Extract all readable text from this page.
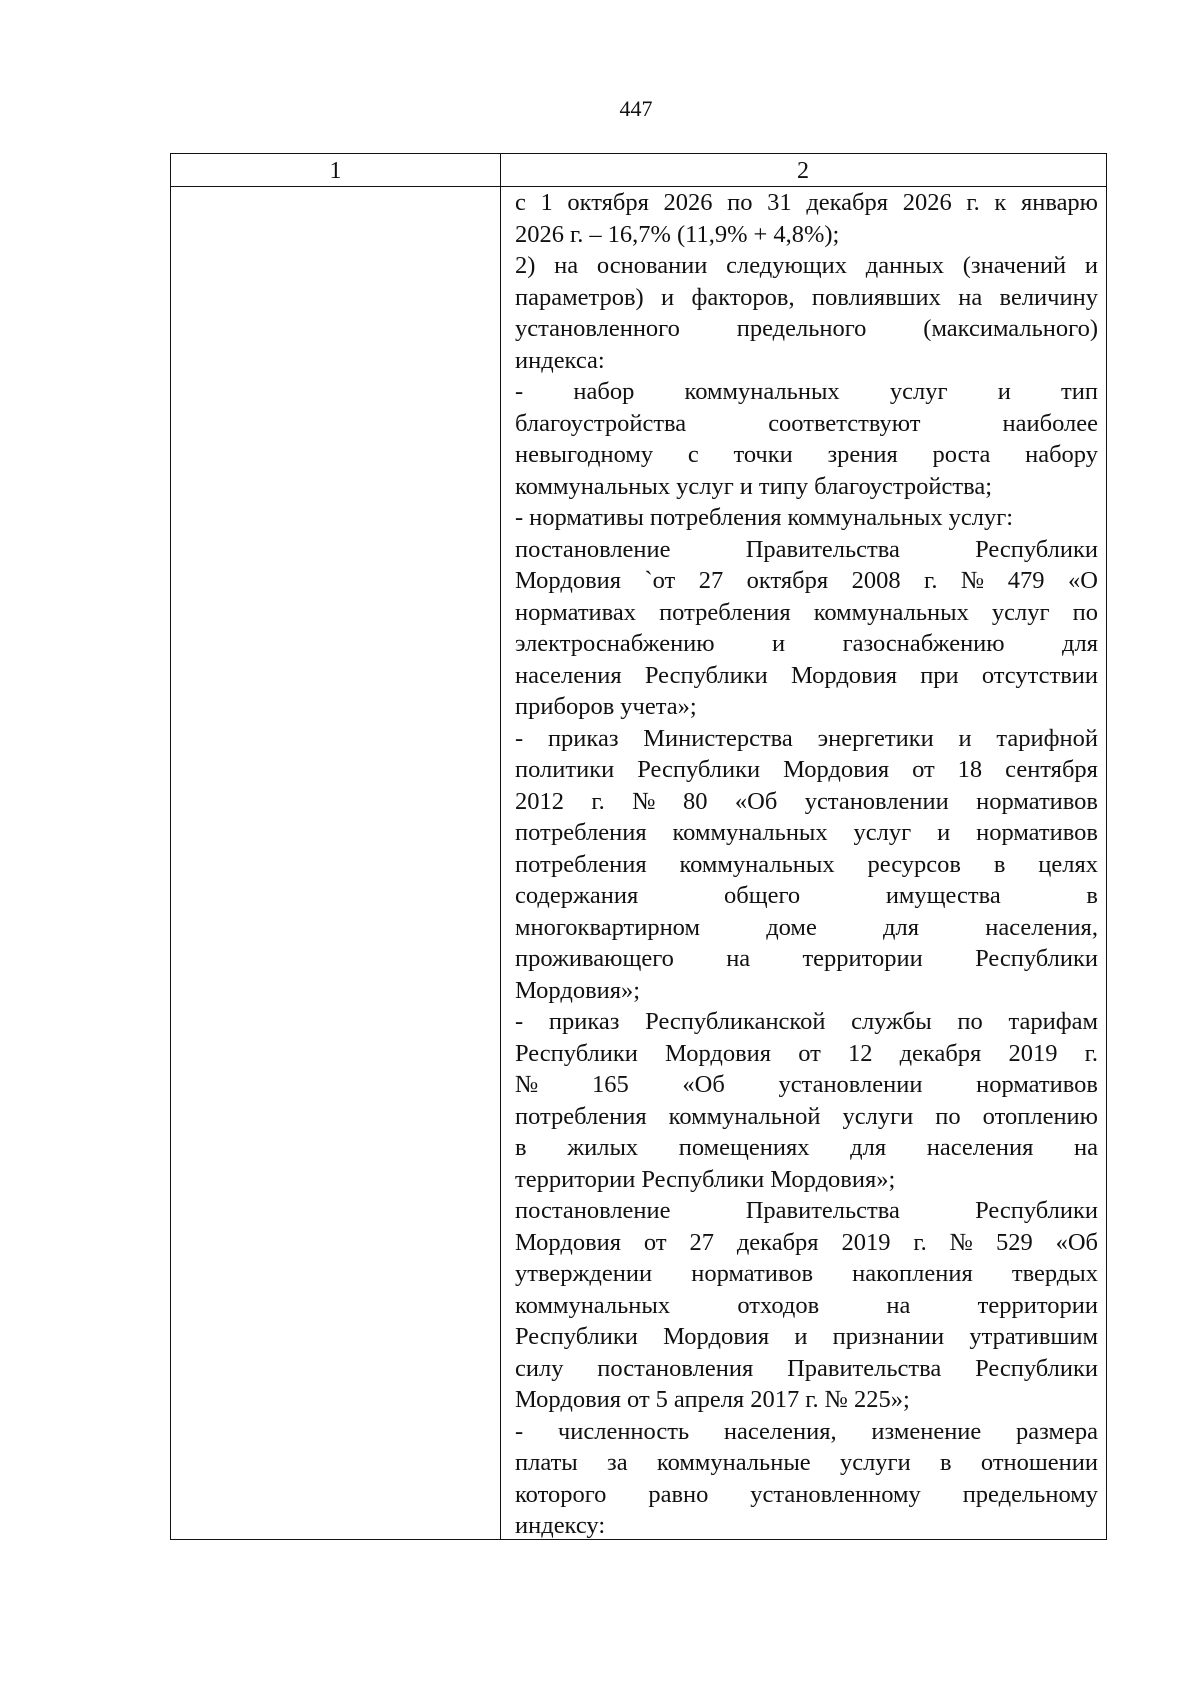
447
1	2
с 1 октября 2026 по 31 декабря 2026 г. к январю
2026 г. – 16,7% (11,9% + 4,8%);
2) на основании следующих данных (значений и
параметров) и факторов, повлиявших на величину
установленного предельного (максимального)
индекса:
- набор коммунальных услуг и тип
благоустройства	соответствуют	наиболее
невыгодному с точки зрения роста набору
коммунальных услуг и типу благоустройства;
- нормативы потребления коммунальных услуг:
постановление	Правительства	Республики
Мордовия `от 27 октября 2008 г. № 479 «О
нормативах потребления коммунальных услуг по
электроснабжению и газоснабжению для
населения Республики Мордовия при отсутствии
приборов учета»;
- приказ Министерства энергетики и тарифной
политики Республики Мордовия от 18 сентября
2012 г. № 80 «Об установлении нормативов
потребления коммунальных услуг и нормативов
потребления коммунальных ресурсов в целях
содержания	общего	имущества	в
многоквартирном	доме	для	населения,
проживающего на территории Республики
Мордовия»;
- приказ Республиканской службы по тарифам
Республики Мордовия от 12 декабря 2019 г.
№ 165 «Об установлении нормативов
потребления коммунальной услуги по отоплению
в жилых помещениях для населения на
территории Республики Мордовия»;
постановление	Правительства	Республики
Мордовия от 27 декабря 2019 г. № 529 «Об
утверждении нормативов накопления твердых
коммунальных	отходов	на	территории
Республики Мордовия и признании утратившим
силу постановления Правительства Республики
Мордовия от 5 апреля 2017 г. № 225»;
- численность населения, изменение размера
платы за коммунальные услуги в отношении
которого равно установленному предельному
индексу:
